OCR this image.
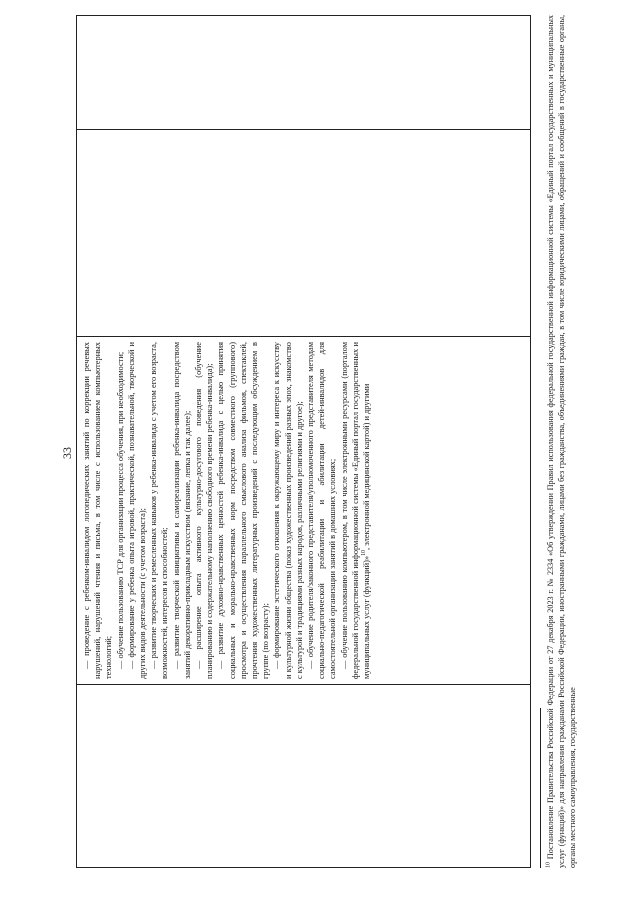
33 — проведение с ребенком-инвалидом логопедических занятий по коррекции речевых нарушений, нарушений чтения и письма, в том числе с использованием компьютерных технологий; — обучение пользованию ТСР для организации процесса обучения, при необходимости; — формирование у ребенка опыта игровой, практической, познавательной, творческой и других видов деятельности (с учетом возраста); — развитие творческих и ремесленных навыков у ребенка-инвалида с учетом его возраста, возможностей, интересов и способностей; — развитие творческой инициативы и самореализации ребенка-инвалида посредством занятий декоративно-прикладным искусством (вязание, лепка и так далее); — расширение опыта активного культурно-досугового поведения (обучение планированию и содержательному наполнению свободного времени ребенка-инвалида); — развитие духовно-нравственных ценностей ребенка-инвалида с целью принятия социальных и морально-нравственных норм посредством совместного (группового) просмотра и осуществления параллельного смыслового анализа фильмов, спектаклей, прочтения художественных литературных произведений с последующим обсуждением в группе (по возрасту); — формирование эстетического отношения к окружающему миру и интереса к искусству и культурной жизни общества (показ художественных произведений разных эпох, знакомство с культурой и традициями разных народов, различными религиями и другое); — обучение родителя/законного представителя/уполномоченного представителя методам социально-педагогической реабилитации и абилитации детей-инвалидов для самостоятельной организации занятий в домашних условиях; — обучение пользованию компьютером, в том числе электронными ресурсами (порталом федеральной государственной информационной системы «Единый портал государственных и муниципальных услуг (функций)»$^{10}$, электронной медицинской картой) и другими

$^{10}$ Постановление Правительства Российской Федерации от 27 декабря 2023 г. № 2334 «Об утверждении Правил использования федеральной государственной информационной системы «Единый портал государственных и муниципальных услуг (функций)» для направления гражданами Российской Федерации, иностранными гражданами, лицами без гражданства, объединениями граждан, в том числе юридическими лицами, обращений и сообщений в государственные органы, органы местного самоуправления, государственные
